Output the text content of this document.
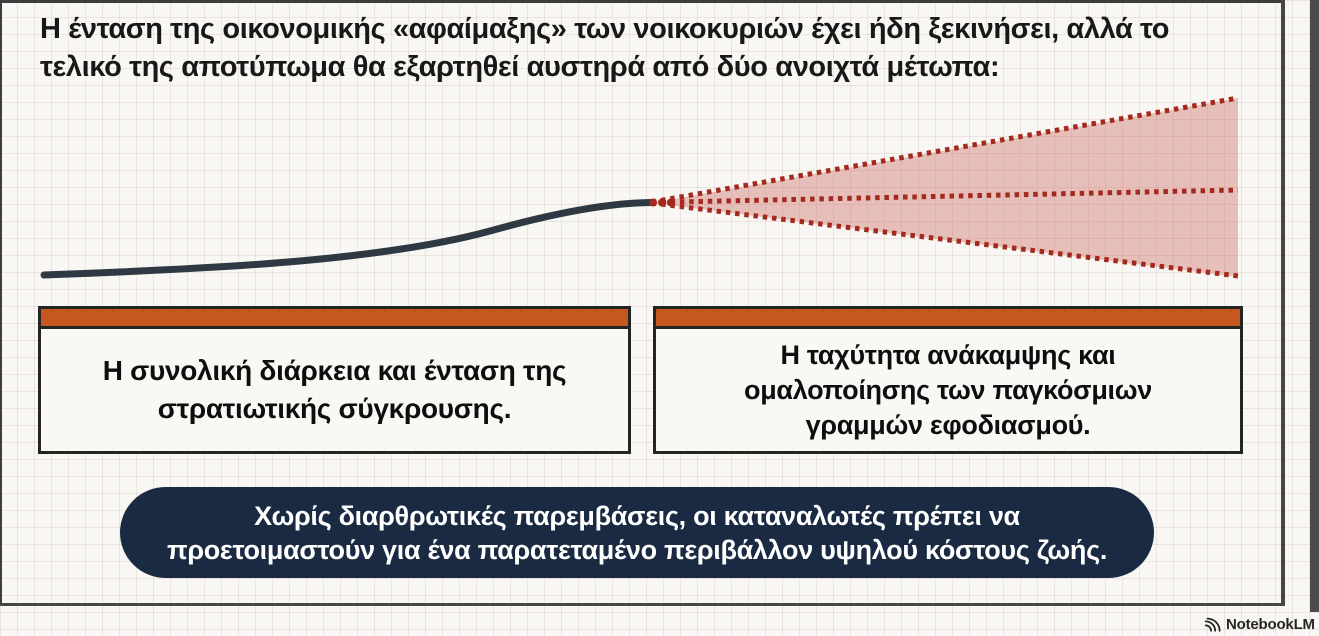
Η ένταση της οικονομικής «αφαίμαξης» των νοικοκυριών έχει ήδη ξεκινήσει, αλλά το
τελικό της αποτύπωμα θα εξαρτηθεί αυστηρά από δύο ανοιχτά μέτωπα:
Η συνολική διάρκεια και ένταση της
στρατιωτικής σύγκρουσης.
Η ταχύτητα ανάκαμψης και
ομαλοποίησης των παγκόσμιων
γραμμών εφοδιασμού.
Χωρίς διαρθρωτικές παρεμβάσεις, οι καταναλωτές πρέπει να
προετοιμαστούν για ένα παρατεταμένο περιβάλλον υψηλού κόστους ζωής.
NotebookLM
